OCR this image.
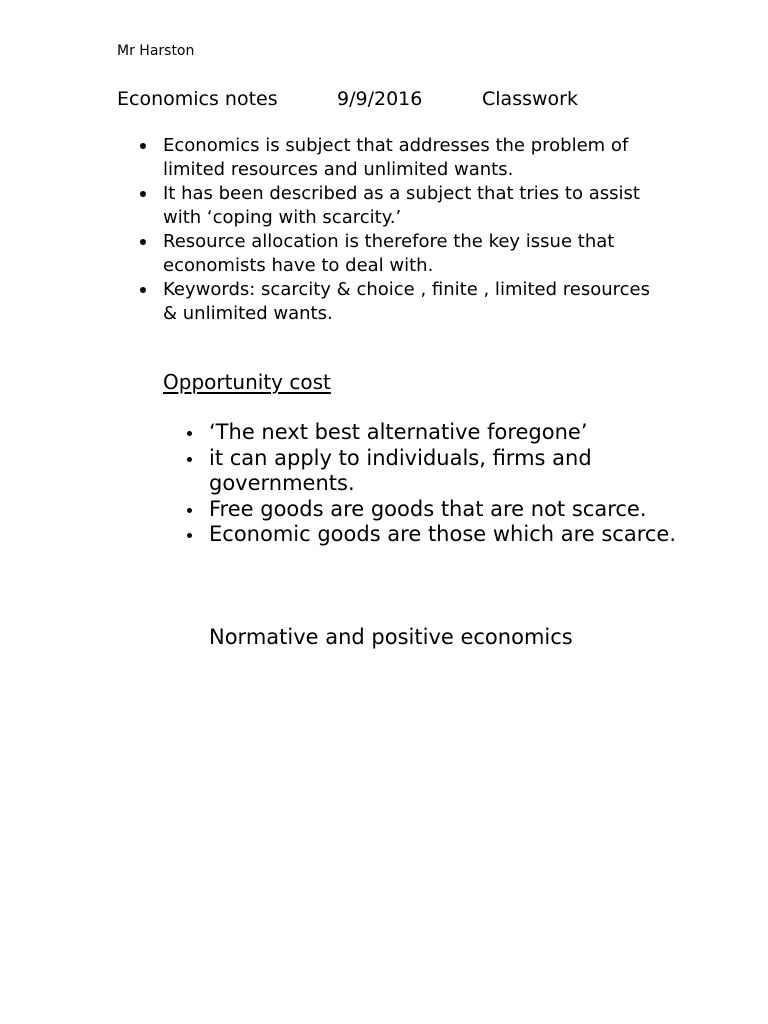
Mr Harston
Economics notes	9/9/2016	Classwork
Economics is subject that addresses the problem of limited resources and unlimited wants.
It has been described as a subject that tries to assist with ‘coping with scarcity.’
Resource allocation is therefore the key issue that economists have to deal with.
Keywords: scarcity & choice , finite , limited resources & unlimited wants.
Opportunity cost
‘The next best alternative foregone’
it can apply to individuals, firms and governments.
Free goods are goods that are not scarce.
Economic goods are those which are scarce.
Normative and positive economics
